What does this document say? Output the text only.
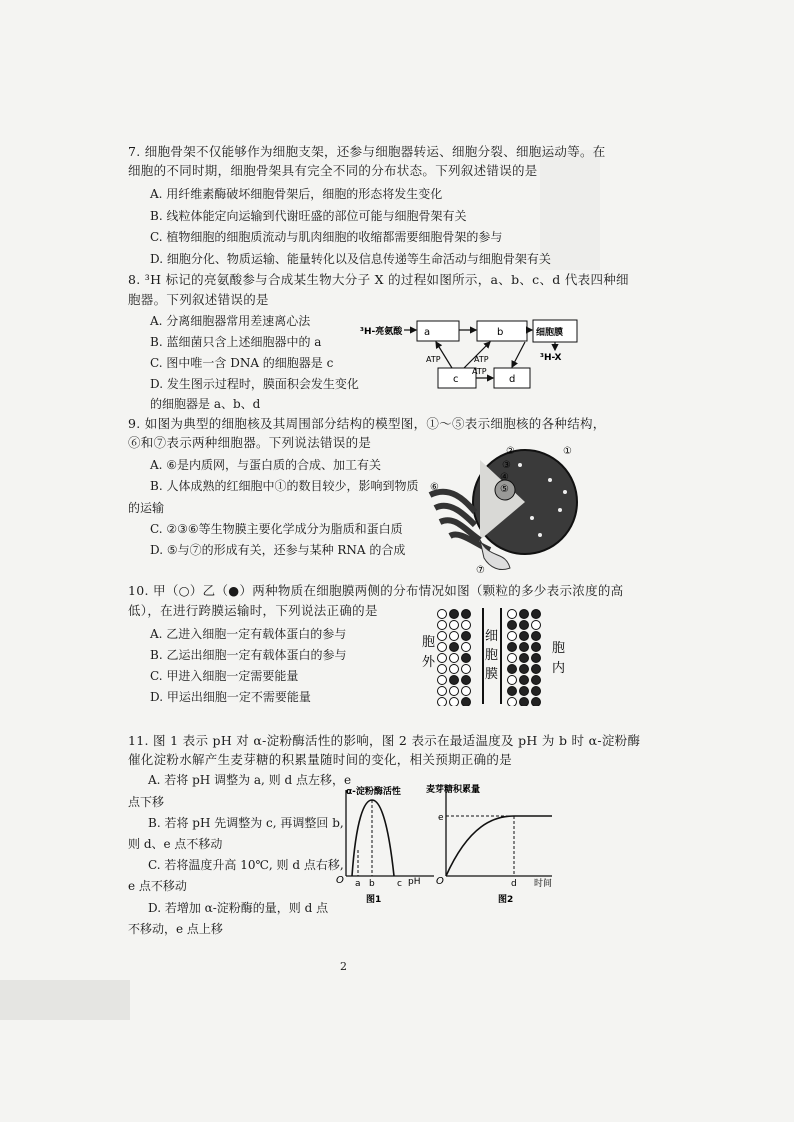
7. 细胞骨架不仅能够作为细胞支架，还参与细胞器转运、细胞分裂、细胞运动等。在
细胞的不同时期，细胞骨架具有完全不同的分布状态。下列叙述错误的是
A. 用纤维素酶破坏细胞骨架后，细胞的形态将发生变化
B. 线粒体能定向运输到代谢旺盛的部位可能与细胞骨架有关
C. 植物细胞的细胞质流动与肌肉细胞的收缩都需要细胞骨架的参与
D. 细胞分化、物质运输、能量转化以及信息传递等生命活动与细胞骨架有关
8. ³H 标记的亮氨酸参与合成某生物大分子 X 的过程如图所示，a、b、c、d 代表四种细
胞器。下列叙述错误的是
A. 分离细胞器常用差速离心法
B. 蓝细菌只含上述细胞器中的 a
C. 图中唯一含 DNA 的细胞器是 c
D. 发生图示过程时，膜面积会发生变化
的细胞器是 a、b、d
³H-亮氨酸 a	b	细胞膜
³H-X
c	d
ATP
ATP	ATP
9. 如图为典型的细胞核及其周围部分结构的模型图，①～⑤表示细胞核的各种结构，
⑥和⑦表示两种细胞器。下列说法错误的是
A. ⑥是内质网，与蛋白质的合成、加工有关
B. 人体成熟的红细胞中①的数目较少，影响到物质
的运输
C. ②③⑥等生物膜主要化学成分为脂质和蛋白质
D. ⑤与⑦的形成有关，还参与某种 RNA 的合成
①
②
③
④
⑤
⑥
⑦
10. 甲（○）乙（●）两种物质在细胞膜两侧的分布情况如图（颗粒的多少表示浓度的高
低），在进行跨膜运输时，下列说法正确的是
A. 乙进入细胞一定有载体蛋白的参与
B. 乙运出细胞一定有载体蛋白的参与
C. 甲进入细胞一定需要能量
D. 甲运出细胞一定不需要能量
胞
外
细
胞
膜
胞
内
11. 图 1 表示 pH 对 α-淀粉酶活性的影响，图 2 表示在最适温度及 pH 为 b 时 α-淀粉酶
催化淀粉水解产生麦芽糖的积累量随时间的变化，相关预期正确的是
A. 若将 pH 调整为 a, 则 d 点左移，e
点下移
B. 若将 pH 先调整为 c, 再调整回 b,
则 d、e 点不移动
C. 若将温度升高 10℃, 则 d 点右移,
e 点不移动
D. 若增加 α-淀粉酶的量，则 d 点
不移动，e 点上移
α-淀粉酶活性
O a b c pH
图1
麦芽糖积累量
e
O	d 时间
图2
2
